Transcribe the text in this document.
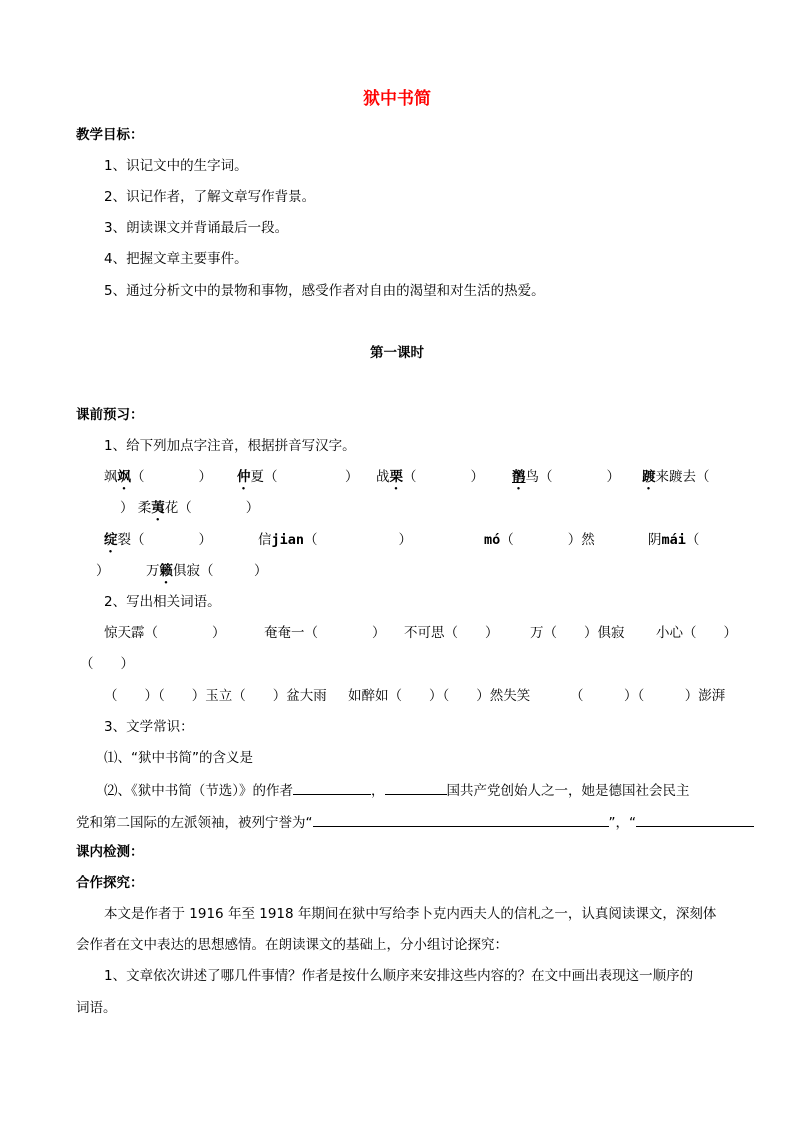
狱中书简
教学目标：
1、识记文中的生字词。
2、识记作者，了解文章写作背景。
3、朗读课文并背诵最后一段。
4、把握文章主要事件。
5、通过分析文中的景物和事物，感受作者对自由的渴望和对生活的热爱。
第一课时
课前预习：
1、给下列加点字注音，根据拼音写汉字。
飒飒（　　　　） 仲夏（　　　　　） 战栗（　　　　） 鹡鸟（　　　　） 踱来踱去（
） 柔荑花（　　　　）
绽裂（　　　　）	信jian（　　　　　　）	mó（　　　　）然	阴mái（
）	万籁俱寂（　　　）
2、写出相关词语。
惊天霹（　　　　）	奄奄一（　　　　） 不可思（　　） 万（　　）俱寂 小心（　　）
（　　）
（　　）（　　）玉立（　　）盆大雨 如醉如（　　）（　　）然失笑	（　　　）（　　　）澎湃
3、文学常识：
⑴、“狱中书简”的含义是
⑵、《狱中书简（节选）》的作者	，	国共产党创始人之一，她是德国社会民主
党和第二国际的左派领袖，被列宁誉为“	”，“
课内检测：
合作探究：
本文是作者于 1916 年至 1918 年期间在狱中写给李卜克内西夫人的信札之一，认真阅读课文，深刻体
会作者在文中表达的思想感情。在朗读课文的基础上，分小组讨论探究：
1、文章依次讲述了哪几件事情？作者是按什么顺序来安排这些内容的？在文中画出表现这一顺序的
词语。
